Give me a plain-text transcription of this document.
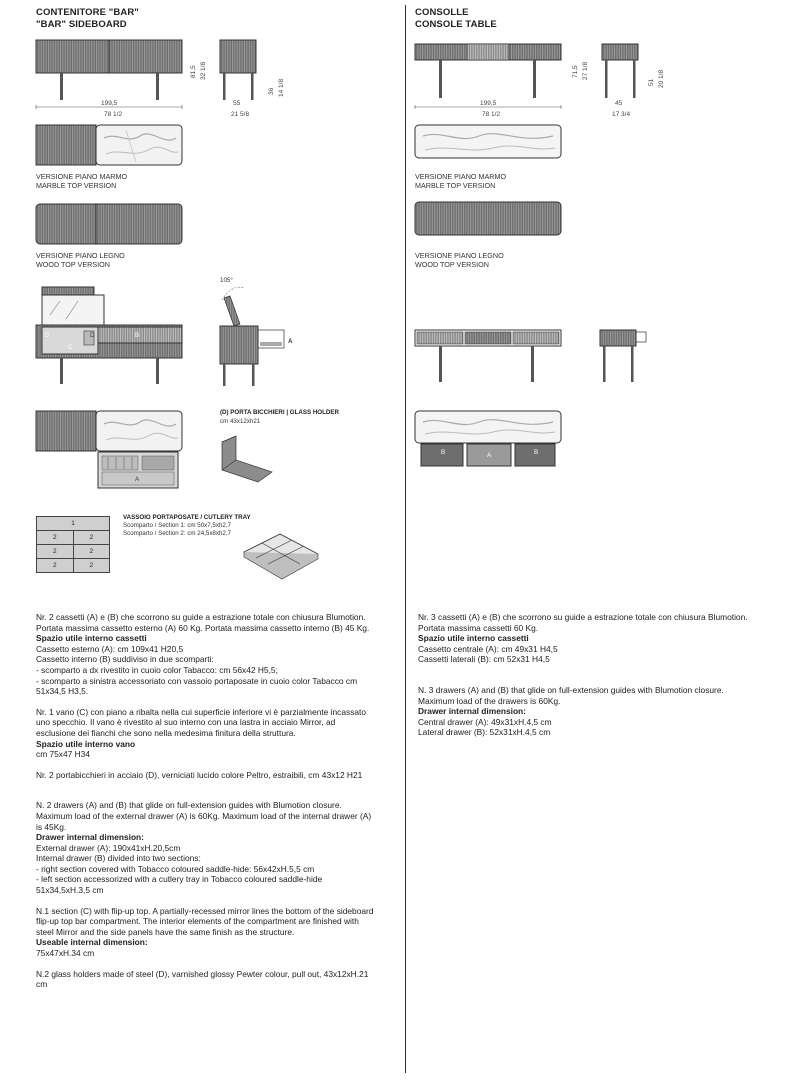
CONTENITORE "BAR"
"BAR" SIDEBOARD
CONSOLLE
CONSOLE TABLE
199,5
78 1/2
81,5 32 1/8
55
21 5/8
36 14 1/8
VERSIONE PIANO MARMO
MARBLE TOP VERSION
VERSIONE PIANO LEGNO
WOOD TOP VERSION
D	D
C
B
105°
A
A
(D) PORTA BICCHIERI | GLASS HOLDER
cm 43x12xh21
1	
2	2
2	2
2	2
VASSOIO PORTAPOSATE / CUTLERY TRAY
Scomparto / Section 1: cm 50x7,5xh2,7
Scomparto / Section 2: cm 24,5x8xh2,7
199,5
78 1/2
71,5 27 1/8
45
17 3/4
51 20 1/8
VERSIONE PIANO MARMO
MARBLE TOP VERSION
VERSIONE PIANO LEGNO
WOOD TOP VERSION
B	A	B
Nr. 2 cassetti (A) e (B) che scorrono su guide a estrazione totale con chiusura Blumotion.
Portata massima cassetto esterno (A) 60 Kg. Portata massima cassetto interno (B) 45 Kg.
Spazio utile interno cassetti
Cassetto esterno (A): cm 109x41 H20,5
Cassetto interno (B) suddiviso in due scomparti:
- scomparto a dx rivestito in cuoio color Tabacco: cm 56x42 H5,5;
- scomparto a sinistra accessoriato con vassoio portaposate in cuoio color Tabacco cm 51x34,5 H3,5.
Nr. 1 vano (C) con piano a ribalta nella cui superficie inferiore vi è parzialmente incassato uno specchio. Il vano è rivestito al suo interno con una lastra in acciaio Mirror, ad esclusione dei fianchi che sono nella medesima finitura della struttura.
Spazio utile interno vano
cm 75x47 H34
Nr. 2 portabicchieri in acciaio (D), verniciati lucido colore Peltro, estraibili, cm 43x12 H21
N. 2 drawers (A) and (B) that glide on full-extension guides with Blumotion closure.
Maximum load of the external drawer (A) is 60Kg. Maximum load of the internal drawer (A) is 45Kg.
Drawer internal dimension:
External drawer (A): 190x41xH.20,5cm
Internal drawer (B) divided into two sections:
- right section covered with Tobacco coloured saddle-hide: 56x42xH.5,5 cm
- left section accessorized with a cutlery tray in Tobacco coloured saddle-hide 51x34,5xH.3,5 cm
N.1 section (C) with flip-up top. A partially-recessed mirror lines the bottom of the sideboard flip-up top bar compartment. The interior elements of the compartment are finished with steel Mirror and the side panels have the same finish as the structure.
Useable internal dimension:
75x47xH.34 cm
N.2 glass holders made of steel (D), varnished glossy Pewter colour, pull out, 43x12xH.21 cm
Nr. 3 cassetti (A) e (B) che scorrono su guide a estrazione totale con chiusura Blumotion.
Portata massima cassetti 60 Kg.
Spazio utile interno cassetti
Cassetto centrale (A): cm 49x31 H4,5
Cassetti laterali (B): cm 52x31 H4,5
N. 3 drawers (A) and (B) that glide on full-extension guides with Blumotion closure.
Maximum load of the drawers is 60Kg.
Drawer internal dimension:
Central drawer (A): 49x31xH.4,5 cm
Lateral drawer (B): 52x31xH.4,5 cm
